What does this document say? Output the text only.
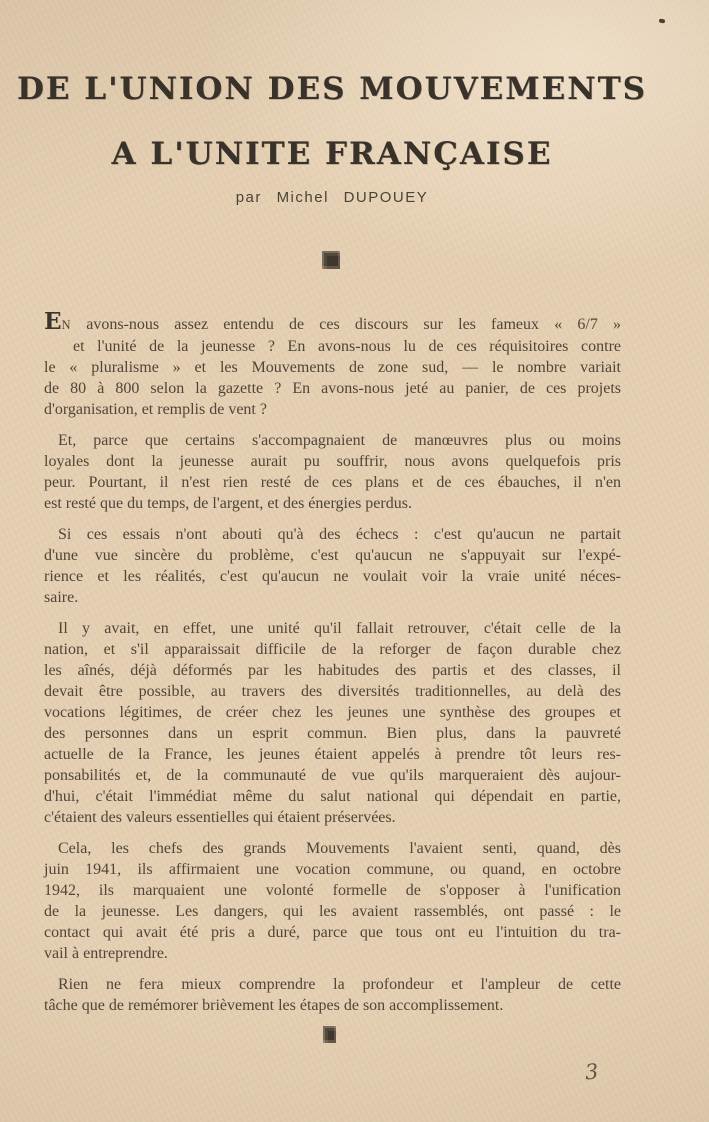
DE L'UNION DES MOUVEMENTS
A L'UNITE FRANÇAISE
par Michel DUPOUEY
EN avons-nous assez entendu de ces discours sur les fameux « 6/7 »
et l'unité de la jeunesse ? En avons-nous lu de ces réquisitoires contre
le « pluralisme » et les Mouvements de zone sud, — le nombre variait
de 80 à 800 selon la gazette ? En avons-nous jeté au panier, de ces projets
d'organisation, et remplis de vent ?
Et, parce que certains s'accompagnaient de manœuvres plus ou moins
loyales dont la jeunesse aurait pu souffrir, nous avons quelquefois pris
peur. Pourtant, il n'est rien resté de ces plans et de ces ébauches, il n'en
est resté que du temps, de l'argent, et des énergies perdus.
Si ces essais n'ont abouti qu'à des échecs : c'est qu'aucun ne partait
d'une vue sincère du problème, c'est qu'aucun ne s'appuyait sur l'expé-
rience et les réalités, c'est qu'aucun ne voulait voir la vraie unité néces-
saire.
Il y avait, en effet, une unité qu'il fallait retrouver, c'était celle de la
nation, et s'il apparaissait difficile de la reforger de façon durable chez
les aînés, déjà déformés par les habitudes des partis et des classes, il
devait être possible, au travers des diversités traditionnelles, au delà des
vocations légitimes, de créer chez les jeunes une synthèse des groupes et
des personnes dans un esprit commun. Bien plus, dans la pauvreté
actuelle de la France, les jeunes étaient appelés à prendre tôt leurs res-
ponsabilités et, de la communauté de vue qu'ils marqueraient dès aujour-
d'hui, c'était l'immédiat même du salut national qui dépendait en partie,
c'étaient des valeurs essentielles qui étaient préservées.
Cela, les chefs des grands Mouvements l'avaient senti, quand, dès
juin 1941, ils affirmaient une vocation commune, ou quand, en octobre
1942, ils marquaient une volonté formelle de s'opposer à l'unification
de la jeunesse. Les dangers, qui les avaient rassemblés, ont passé : le
contact qui avait été pris a duré, parce que tous ont eu l'intuition du tra-
vail à entreprendre.
Rien ne fera mieux comprendre la profondeur et l'ampleur de cette
tâche que de remémorer brièvement les étapes de son accomplissement.
3
